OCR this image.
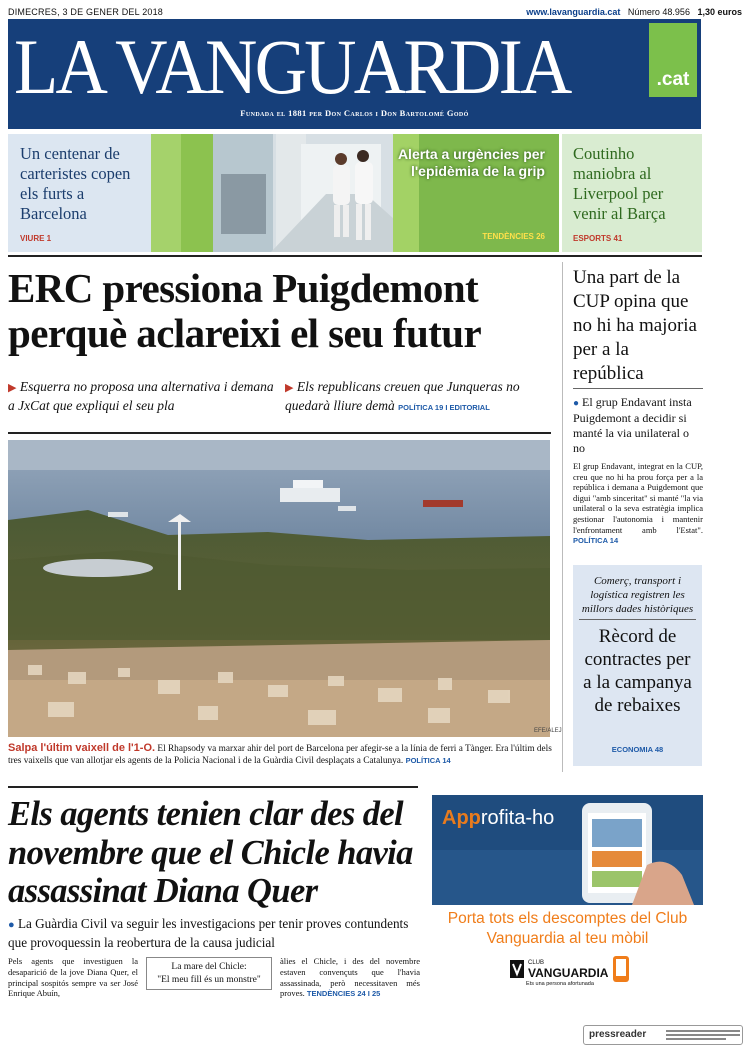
DIMECRES, 3 DE GENER DEL 2018	www.lavanguardia.cat Número 48.956 1,30 euros
LA VANGUARDIA	.cat
Fundada el 1881 per Don Carlos i Don Bartolomé Godó
Un centenar de carteristes copen els furts a Barcelona
VIURE 1
Alerta a urgències per l'epidèmia de la grip
TENDÈNCIES 26
Coutinho maniobra al Liverpool per venir al Barça
ESPORTS 41
ERC pressiona Puigdemont perquè aclareixi el seu futur
▶ Esquerra no proposa una alternativa i demana a JxCat que expliqui el seu pla
▶ Els republicans creuen que Junqueras no quedarà lliure demà POLÍTICA 19 I EDITORIAL
Una part de la CUP opina que no hi ha majoria per a la república
● El grup Endavant insta Puigdemont a decidir si manté la via unilateral o no
El grup Endavant, integrat en la CUP, creu que no hi ha prou força per a la república i demana a Puigdemont que digui "amb sinceritat" si manté "la via unilateral o la seva estratègia implica gestionar l'autonomia i mantenir l'enfrontament amb l'Estat". POLÍTICA 14
EFE/ALEJ
Salpa l'últim vaixell de l'1-O. El Rhapsody va marxar ahir del port de Barcelona per afegir-se a la línia de ferri a Tànger. Era l'últim dels tres vaixells que van allotjar els agents de la Policia Nacional i de la Guàrdia Civil desplaçats a Catalunya. POLÍTICA 14
Comerç, transport i logística registren les millors dades històriques
Rècord de contractes per a la campanya de rebaixes
ECONOMIA 48
Els agents tenien clar des del novembre que el Chicle havia assassinat Diana Quer
● La Guàrdia Civil va seguir les investigacions per tenir proves contundents que provoquessin la reobertura de la causa judicial
Pels agents que investiguen la desaparició de la jove Diana Quer, el principal sospitós sempre va ser José Enrique Abuín,
La mare del Chicle:
"El meu fill és un monstre"
àlies el Chicle, i des del novembre estaven convençuts que l'havia assassinada, però necessitaven més proves. TENDÈNCIES 24 I 25
Approfita-ho
Porta tots els descomptes del Club Vanguardia al teu mòbil
CLUB
VANGUARDIA
Ets una persona afortunada
pressreader
